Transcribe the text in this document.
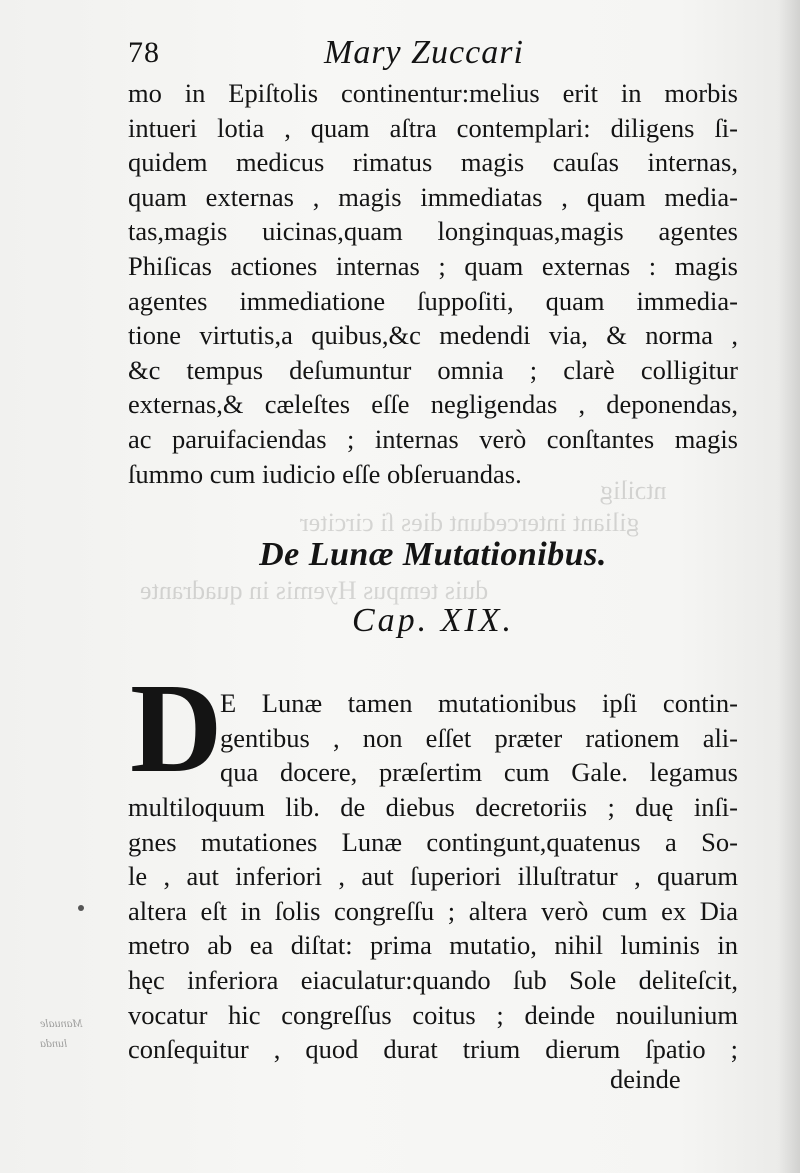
ntɔilig
giliant intercedunt dies ſi circiter
duis tempus Hyemis in quadrante
Manuale
lunda
78	Mary Zuccari
mo in Epiſtolis continentur:melius erit in morbis
intueri lotia , quam aſtra contemplari: diligens ſi-
quidem medicus rimatus magis cauſas internas,
quam externas , magis immediatas , quam media-
tas,magis uicinas,quam longinquas,magis agentes
Phiſicas actiones internas ; quam externas : magis
agentes immediatione ſuppoſiti, quam immedia-
tione virtutis,a quibus,&c medendi via, & norma ,
&c tempus deſumuntur omnia ; clarè colligitur
externas,& cæleſtes eſſe negligendas , deponendas,
ac paruifaciendas ; internas verò conſtantes magis
ſummo cum iudicio eſſe obſeruandas.
De Lunæ Mutationibus.
Cap. XIX.
D
E Lunæ tamen mutationibus ipſi contin-
gentibus , non eſſet præter rationem ali-
qua docere, præſertim cum Gale. legamus
multiloquum lib. de diebus decretoriis ; duę inſi-
gnes mutationes Lunæ contingunt,quatenus a So-
le , aut inferiori , aut ſuperiori illuſtratur , quarum
altera eſt in ſolis congreſſu ; altera verò cum ex Dia
metro ab ea diſtat: prima mutatio, nihil luminis in
hęc inferiora eiaculatur:quando ſub Sole deliteſcit,
vocatur hic congreſſus coitus ; deinde nouilunium
conſequitur , quod durat trium dierum ſpatio ;
deinde
